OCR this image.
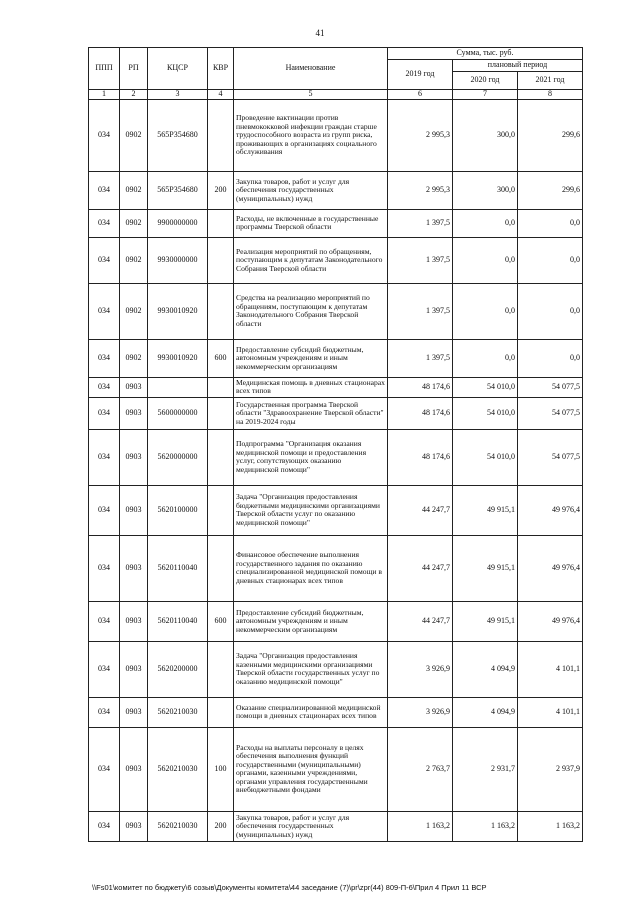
41
ППП	РП	КЦСР	КВР	Наименование	Сумма, тыс. руб.		
					2019 год	плановый период	
						2020 год	2021 год
1	2	3	4	5	6	7	8
034	0902	565P354680		Проведение вактинации против пневмококковой инфекции граждан старше трудоспособного возраста из групп риска, проживающих в организациях социального обслуживания	2 995,3	300,0	299,6
034	0902	565P354680	200	Закупка товаров, работ и услуг для обеспечения государственных (муниципальных) нужд	2 995,3	300,0	299,6
034	0902	9900000000		Расходы, не включенные в государственные программы Тверской области	1 397,5	0,0	0,0
034	0902	9930000000		Реализация мероприятий по обращениям, поступающим к депутатам Законодательного Собрания Тверской области	1 397,5	0,0	0,0
034	0902	9930010920		Средства на реализацию мероприятий по обращениям, поступающим к депутатам Законодательного Собрания Тверской области	1 397,5	0,0	0,0
034	0902	9930010920	600	Предоставление субсидий бюджетным, автономным учреждениям и иным некоммерческим организациям	1 397,5	0,0	0,0
034	0903			Медицинская помощь в дневных стационарах всех типов	48 174,6	54 010,0	54 077,5
034	0903	5600000000		Государственная программа Тверской области "Здравоохранение Тверской области" на 2019-2024 годы	48 174,6	54 010,0	54 077,5
034	0903	5620000000		Подпрограмма "Организация оказания медицинской помощи и предоставления услуг, сопутствующих оказанию медицинской помощи"	48 174,6	54 010,0	54 077,5
034	0903	5620100000		Задача "Организация предоставления бюджетными медицинскими организациями Тверской области услуг по оказанию медицинской помощи"	44 247,7	49 915,1	49 976,4
034	0903	5620110040		Финансовое обеспечение выполнения государственного задания по оказанию специализированной медицинской помощи в дневных стационарах всех типов	44 247,7	49 915,1	49 976,4
034	0903	5620110040	600	Предоставление субсидий бюджетным, автономным учреждениям и иным некоммерческим организациям	44 247,7	49 915,1	49 976,4
034	0903	5620200000		Задача "Организация предоставления казенными медицинскими организациями Тверской области государственных услуг по оказанию медицинской помощи"	3 926,9	4 094,9	4 101,1
034	0903	5620210030		Оказание специализированной медицинской помощи в дневных стационарах всех типов	3 926,9	4 094,9	4 101,1
034	0903	5620210030	100	Расходы на выплаты персоналу в целях обеспечения выполнения функций государственными (муниципальными) органами, казенными учреждениями, органами управления государственными внебюджетными фондами	2 763,7	2 931,7	2 937,9
034	0903	5620210030	200	Закупка товаров, работ и услуг для обеспечения государственных (муниципальных) нужд	1 163,2	1 163,2	1 163,2
\\Fs01\комитет по бюджету\6 созыв\Документы комитета\44 заседание (7)\pr\zpr(44) 809-П-6\Прил 4 Прил 11 ВСР
